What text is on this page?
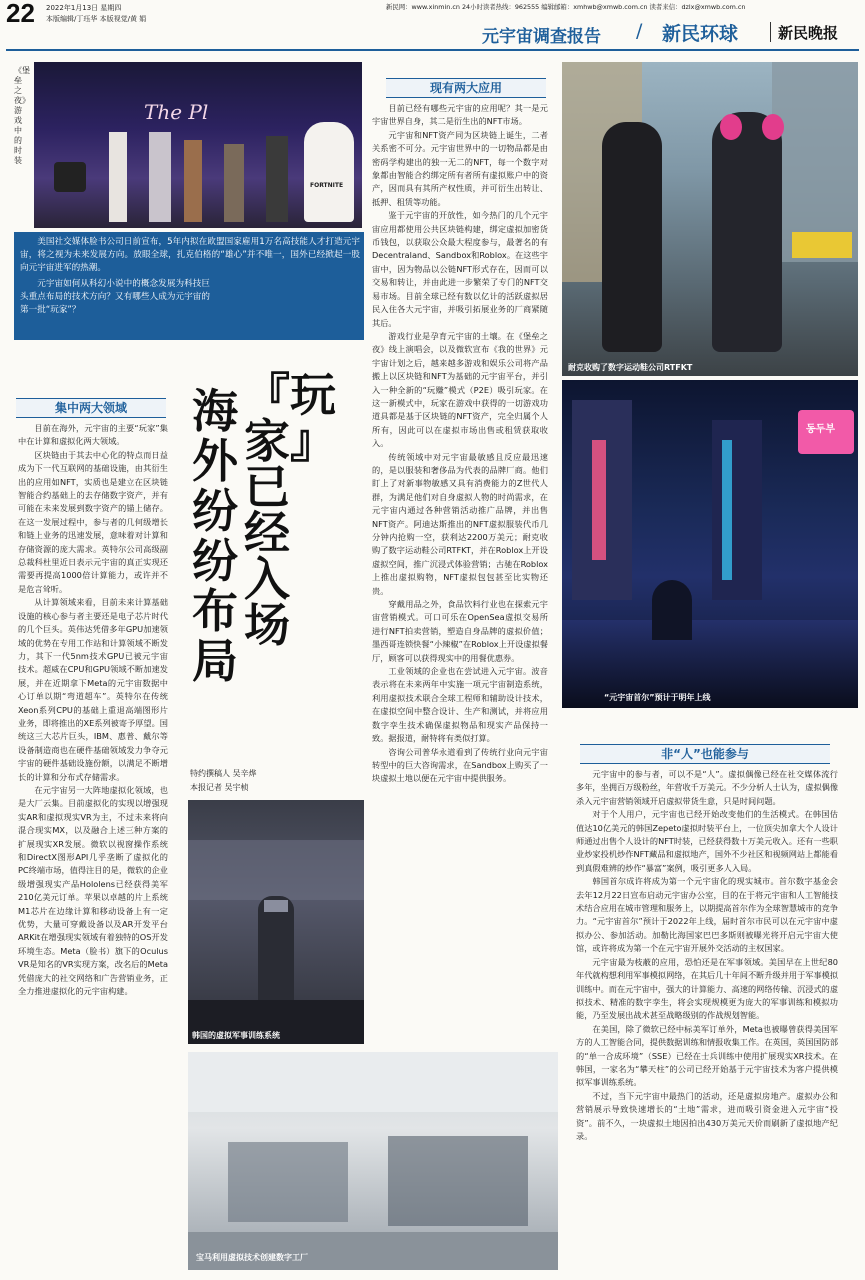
22 2022年1月13日 星期四
本版编辑/丁珏华 本版视觉/黄 娟
新民网：www.xinmin.cn 24小时读者热线：962555 编辑邮箱：xmhwb@xmwb.com.cn 读者来信：dzlx@xmwb.com.cn
元宇宙调查报告 / 新民环球	新民晚报
The Pl
FORTNITE
《堡垒之夜》游戏中的时装
美国社交媒体脸书公司日前宣布，5年内拟在欧盟国家雇用1万名高技能人才打造元宇宙，将之视为未来发展方向。放眼全球，扎克伯格的“雄心”并不唯一，国外已经掀起一股向元宇宙进军的热潮。
元宇宙如何从科幻小说中的概念发展为科技巨头重点布局的技术方向？又有哪些人成为元宇宙的第一批“玩家”？
『玩家』已经入场
海外纷纷布局
特约撰稿人 吴辛烨
本报记者 吴宇桢
集中两大领域

目前在海外，元宇宙的主要“玩家”集中在计算和虚拟化两大领域。

区块链由于其去中心化的特点而日益成为下一代互联网的基础设施，由其衍生出的应用如NFT，实质也是建立在区块链智能合约基础上的去存储数字资产，并有可能在未来发展到数字资产的锚上储存。在这一发展过程中，参与者的几何级增长和链上业务的迅速发展，意味着对计算和存储资源的庞大需求。英特尔公司高级副总裁科杜里近日表示元宇宙的真正实现还需要再提高1000倍计算能力，或许并不是危言耸听。

从计算领域来看，目前未来计算基础设施的核心参与者主要还是电子芯片时代的几个巨头。英伟达凭借多年GPU加速领域的优势在专用工作站和计算领域不断发力，其下一代5nm技术GPU已被元宇宙技术。超威在CPU和GPU领域不断加速发展，并在近期拿下Meta的元宇宙数据中心订单以期“弯道超车”。英特尔在传统Xeon系列CPU的基础上重退高端图形片业务，即将推出的XE系列被寄予厚望。国统这三大芯片巨头，IBM、惠普、戴尔等设备制造商也在硬件基础领域发力争夺元宇宙的硬件基础设施份额，以满足不断增长的计算和分布式存储需求。

在元宇宙另一大阵地虚拟化领域，也是大厂云集。目前虚拟化的实现以增强现实AR和虚拟现实VR为主，不过未来将向混合现实MX，以及融合上述三种方案的扩展现实XR发展。微软以视窗操作系统和DirectX图形API几乎垄断了虚拟化的PC终端市场，值得注目的是，微软的企业级增强现实产品Hololens已经获得美军210亿美元订单。苹果以卓越的片上系统M1芯片在边缘计算和移动设备上有一定优势，大量可穿戴设备以及AR开发平台ARKit在增强现实领域有着独特的OS开发环境生态。Meta（脸书）旗下的Oculus VR是知名的VR实现方案，改名后的Meta凭借庞大的社交网络和广告营销业务，正全力推进虚拟化的元宇宙构建。

现有两大应用

目前已经有哪些元宇宙的应用呢？其一是元宇宙世界自身，其二是衍生出的NFT市场。

元宇宙和NFT资产同为区块链上诞生，二者关系密不可分。元宇宙世界中的一切物品都是由密码学构建出的独一无二的NFT，每一个数字对象都由智能合约绑定所有者所有虚拟账户中的资产，因而具有其所产权性质，并可衍生出转让、抵押、租赁等功能。

鉴于元宇宙的开放性，如今热门的几个元宇宙应用都使用公共区块链构建，绑定虚拟加密货币钱包，以获取公众最大程度参与，最著名的有Decentraland、Sandbox和Roblox。在这些宇宙中，因为物品以公链NFT形式存在，因而可以交易和转让，并由此进一步繁荣了专门的NFT交易市场。目前全球已经有数以亿计的活跃虚拟居民入住各大元宇宙，并吸引拓展业务的厂商紧随其后。

游戏行业是孕育元宇宙的土壤。在《堡垒之夜》线上演唱会，以及微软宣布《我的世界》元宇宙计划之后，越来越多游戏和娱乐公司将产品搬上以区块链和NFT为基础的元宇宙平台，并引入一种全新的“玩赚”模式（P2E）吸引玩家。在这一新模式中，玩家在游戏中获得的一切游戏功道具都是基于区块链的NFT资产，完全归属个人所有，因此可以在虚拟市场出售或租赁获取收入。

传统领域中对元宇宙最敏感且反应最迅速的，是以服装和奢侈品为代表的品牌厂商。他们盯上了对新事物敏感又具有消费能力的Z世代人群，为满足他们对自身虚拟人物的时尚需求，在元宇宙内通过各种营销活动推广品牌，并出售NFT资产。阿迪达斯推出的NFT虚拟服装代币几分钟内抢购一空，获利达2200万美元；耐克收购了数字运动鞋公司RTFKT，并在Roblox上开设虚拟空间，推广沉浸式体验营销；古驰在Roblox上推出虚拟购物，NFT虚拟包包甚至比实物还贵。

穿戴用品之外，食品饮料行业也在探索元宇宙营销模式。可口可乐在OpenSea虚拟交易所进行NFT拍卖营销，塑造自身品牌的虚拟价值；墨西哥连锁快餐“小辣椒”在Roblox上开设虚拟餐厅，顾客可以获得现实中的用餐优惠券。

工业领域的企业也在尝试进入元宇宙。波音表示将在未来两年中实施一项元宇宙制造系统，利用虚拟技术联合全球工程师和辅助设计技术，在虚拟空间中整合设计、生产和测试，并将应用数字孪生技术确保虚拟物品和现实产品保持一致。据报道，耐特将有类似打算。

咨询公司普华永道看到了传统行业向元宇宙转型中的巨大咨询需求，在Sandbox上购买了一块虚拟土地以便在元宇宙中提供服务。

耐克收购了数字运动鞋公司RTFKT
동두부
“元宇宙首尔”预计于明年上线
非“人”也能参与

元宇宙中的参与者，可以不是“人”。虚拟偶像已经在社交媒体流行多年，坐拥百万级粉丝，年营收千万美元。不少分析人士认为，虚拟偶像杀入元宇宙营销领域开启虚拟带货生意，只是时间问题。

对于个人用户，元宇宙也已经开始改变他们的生活模式。在韩国估值达10亿美元的韩国Zepeto虚拟时装平台上，一位顶尖加拿大个人设计师通过出售个人设计的NFT时装，已经获得数十万美元收入。还有一些职业炒家投机炒作NFT藏品和虚拟地产，国外不少社区和视频网站上都能看到真假难辨的炒作“暴富”案例，吸引更多人入局。

韩国首尔成许将成为第一个元宇宙化的现实城市。首尔数字基金会去年12月22日宣布启动元宇宙办公室，目的在于将元宇宙和人工智能技术结合应用在城市管理和服务上，以期提高首尔作为全球智慧城市的竞争力。“元宇宙首尔”预计于2022年上线，届时首尔市民可以在元宇宙中虚拟办公、参加活动。加勒比海国家巴巴多斯则被曝光将开启元宇宙大使馆，或许将成为第一个在元宇宙开展外交活动的主权国家。

元宇宙最为枝蔽的应用，恐怕还是在军事领域。美国早在上世纪80年代就构想利用军事模拟网络，在其后几十年间不断升级并用于军事模拟训练中。而在元宇宙中，强大的计算能力、高速的网络传输、沉浸式的虚拟技术、精准的数字孪生，将会实现规模更为庞大的军事训练和模拟功能，乃至发展出战术甚至战略级别的作战规划智能。

在美国，除了微软已经中标美军订单外，Meta也被曝曾获得美国军方的人工智能合同，提供数据训练和情报收集工作。在英国，英国国防部的“单一合成环境”（SSE）已经在士兵训练中使用扩展现实XR技术。在韩国，一家名为“攀天柱”的公司已经开始基于元宇宙技术为客户提供模拟军事训练系统。

不过，当下元宇宙中最热门的活动，还是虚拟房地产。虚拟办公和营销展示导致快速增长的“土地”需求，进而吸引资金进入元宇宙“投资”。前不久，一块虚拟土地因拍出430万美元天价而刷新了虚拟地产纪录。

韩国的虚拟军事训练系统
宝马利用虚拟技术创建数字工厂
